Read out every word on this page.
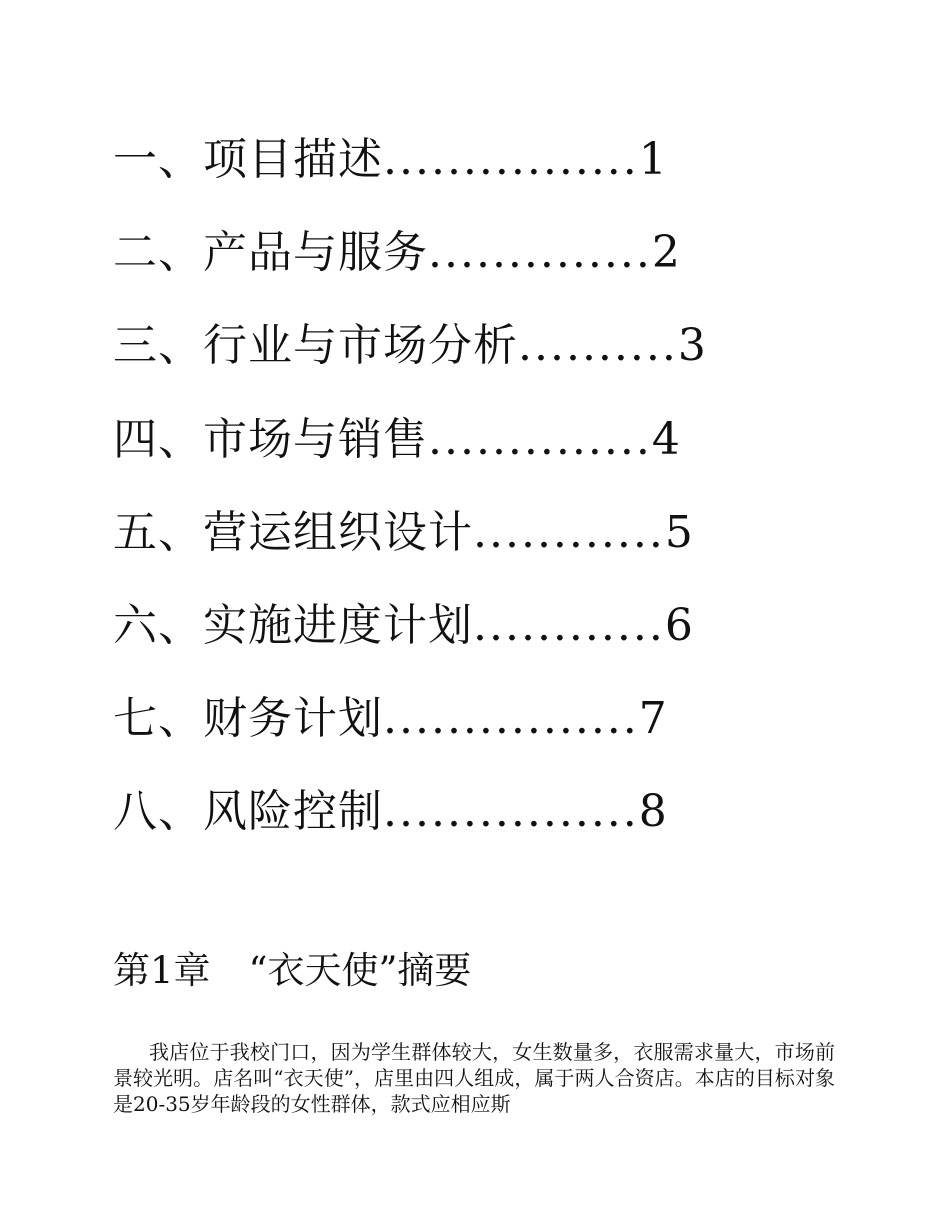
一、项目描述................1
二、产品与服务..............2
三、行业与市场分析..........3
四、市场与销售..............4
五、营运组织设计............5
六、实施进度计划............6
七、财务计划................7
八、风险控制................8
第1章 “衣天使”摘要

我店位于我校门口，因为学生群体较大，女生数量多，衣服需求量大，市场前景较光明。店名叫“衣天使”，店里由四人组成，属于两人合资店。本店的目标对象是20-35岁年龄段的女性群体，款式应相应斯
